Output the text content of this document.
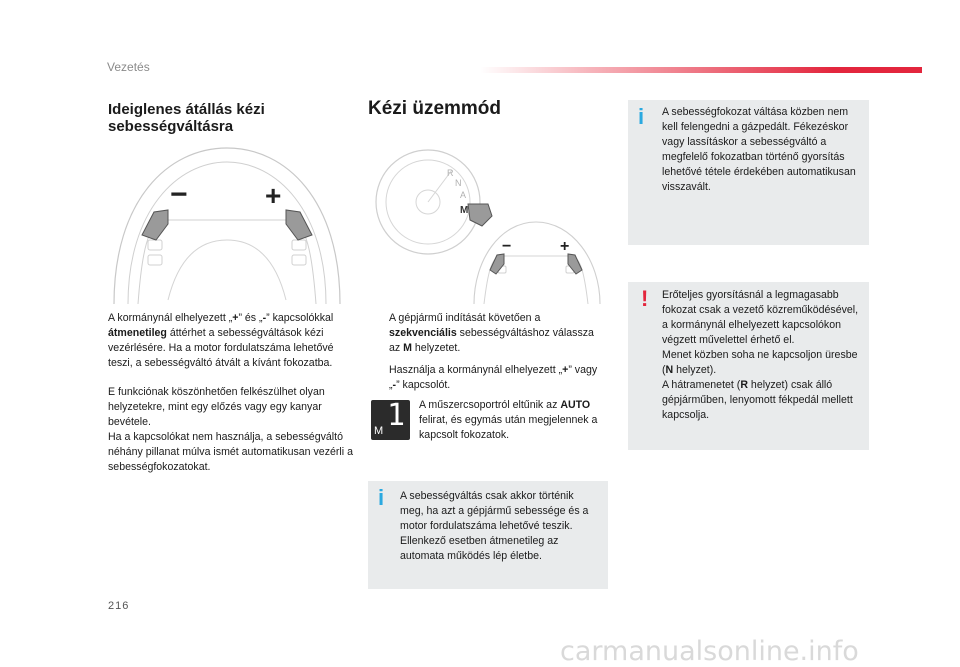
Vezetés
Ideiglenes átállás kézi sebességváltásra
−	+
A kormánynál elhelyezett „+” és „-” kapcsolókkal átmenetileg áttérhet a sebességváltások kézi vezérlésére. Ha a motor fordulatszáma lehetővé teszi, a sebességváltó átvált a kívánt fokozatba.
E funkciónak köszönhetően felkészülhet olyan helyzetekre, mint egy előzés vagy egy kanyar bevétele.
Ha a kapcsolókat nem használja, a sebességváltó néhány pillanat múlva ismét automatikusan vezérli a sebességfokozatokat.
Kézi üzemmód
R
N
A
M
−	+
A gépjármű indítását követően a szekvenciális sebességváltáshoz válassza az M helyzetet.
Használja a kormánynál elhelyezett „+” vagy „-” kapcsolót.
1
M
A műszercsoportról eltűnik az AUTO felirat, és egymás után megjelennek a kapcsolt fokozatok.
i A sebességváltás csak akkor történik meg, ha azt a gépjármű sebessége és a motor fordulatszáma lehetővé teszik. Ellenkező esetben átmenetileg az automata működés lép életbe.
i A sebességfokozat váltása közben nem kell felengedni a gázpedált. Fékezéskor vagy lassításkor a sebességváltó a megfelelő fokozatban történő gyorsítás lehetővé tétele érdekében automatikusan visszavált.
! Erőteljes gyorsításnál a legmagasabb fokozat csak a vezető közreműködésével, a kormánynál elhelyezett kapcsolókon végzett művelettel érhető el.
Menet közben soha ne kapcsoljon üresbe (N helyzet).
A hátramenetet (R helyzet) csak álló gépjárműben, lenyomott fékpedál mellett kapcsolja.
216
carmanualsonline.info
